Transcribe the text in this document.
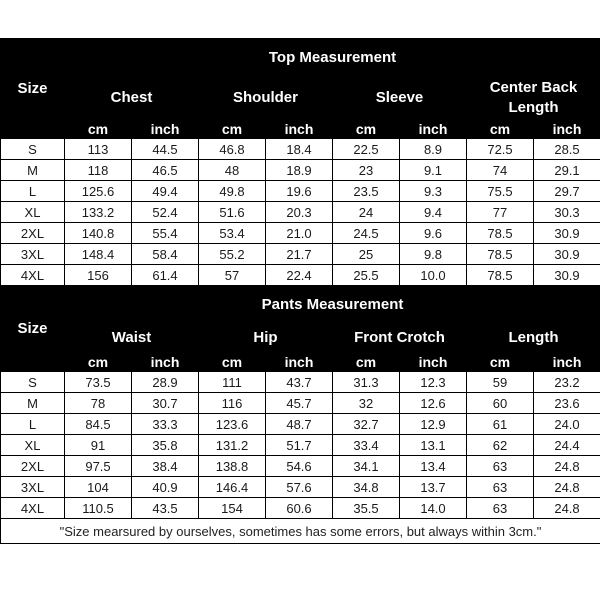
Size	Top Measurement							
	Chest		Shoulder		Sleeve		Center Back Length	
	cm	inch	cm	inch	cm	inch	cm	inch
S	113	44.5	46.8	18.4	22.5	8.9	72.5	28.5
M	118	46.5	48	18.9	23	9.1	74	29.1
L	125.6	49.4	49.8	19.6	23.5	9.3	75.5	29.7
XL	133.2	52.4	51.6	20.3	24	9.4	77	30.3
2XL	140.8	55.4	53.4	21.0	24.5	9.6	78.5	30.9
3XL	148.4	58.4	55.2	21.7	25	9.8	78.5	30.9
4XL	156	61.4	57	22.4	25.5	10.0	78.5	30.9
Size	Pants Measurement							
	Waist		Hip		Front Crotch		Length	
	cm	inch	cm	inch	cm	inch	cm	inch
S	73.5	28.9	111	43.7	31.3	12.3	59	23.2
M	78	30.7	116	45.7	32	12.6	60	23.6
L	84.5	33.3	123.6	48.7	32.7	12.9	61	24.0
XL	91	35.8	131.2	51.7	33.4	13.1	62	24.4
2XL	97.5	38.4	138.8	54.6	34.1	13.4	63	24.8
3XL	104	40.9	146.4	57.6	34.8	13.7	63	24.8
4XL	110.5	43.5	154	60.6	35.5	14.0	63	24.8
"Size mearsured by ourselves, sometimes has some errors, but always within 3cm."								
